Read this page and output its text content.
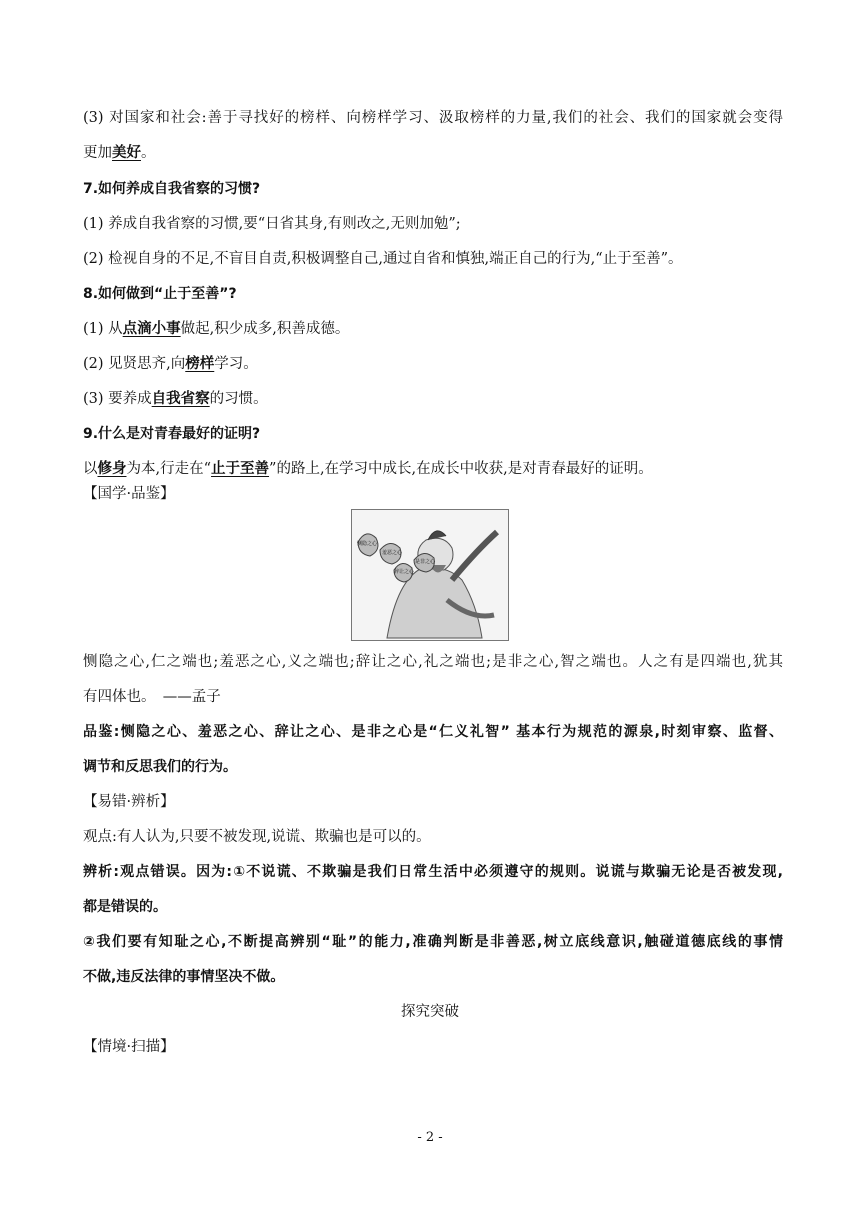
(3) 对国家和社会:善于寻找好的榜样、向榜样学习、汲取榜样的力量,我们的社会、我们的国家就会变得
更加美好。
7.如何养成自我省察的习惯?
(1) 养成自我省察的习惯,要“日省其身,有则改之,无则加勉”;
(2) 检视自身的不足,不盲目自责,积极调整自己,通过自省和慎独,端正自己的行为,“止于至善”。
8.如何做到“止于至善”?
(1) 从点滴小事做起,积少成多,积善成德。
(2) 见贤思齐,向榜样学习。
(3) 要养成自我省察的习惯。
9.什么是对青春最好的证明?
以修身为本,行走在“止于至善”的路上,在学习中成长,在成长中收获,是对青春最好的证明。
【国学·品鉴】
恻隐之心
羞恶之心
辞让之心
是非之心
恻隐之心,仁之端也;羞恶之心,义之端也;辞让之心,礼之端也;是非之心,智之端也。人之有是四端也,犹其
有四体也。　——孟子
品鉴:恻隐之心、羞恶之心、辞让之心、是非之心是“仁义礼智” 基本行为规范的源泉,时刻审察、监督、
调节和反思我们的行为。
【易错·辨析】
观点:有人认为,只要不被发现,说谎、欺骗也是可以的。
辨析:观点错误。因为:①不说谎、不欺骗是我们日常生活中必须遵守的规则。说谎与欺骗无论是否被发现,
都是错误的。
②我们要有知耻之心,不断提高辨别“耻”的能力,准确判断是非善恶,树立底线意识,触碰道德底线的事情
不做,违反法律的事情坚决不做。
探究突破
【情境·扫描】
- 2 -
